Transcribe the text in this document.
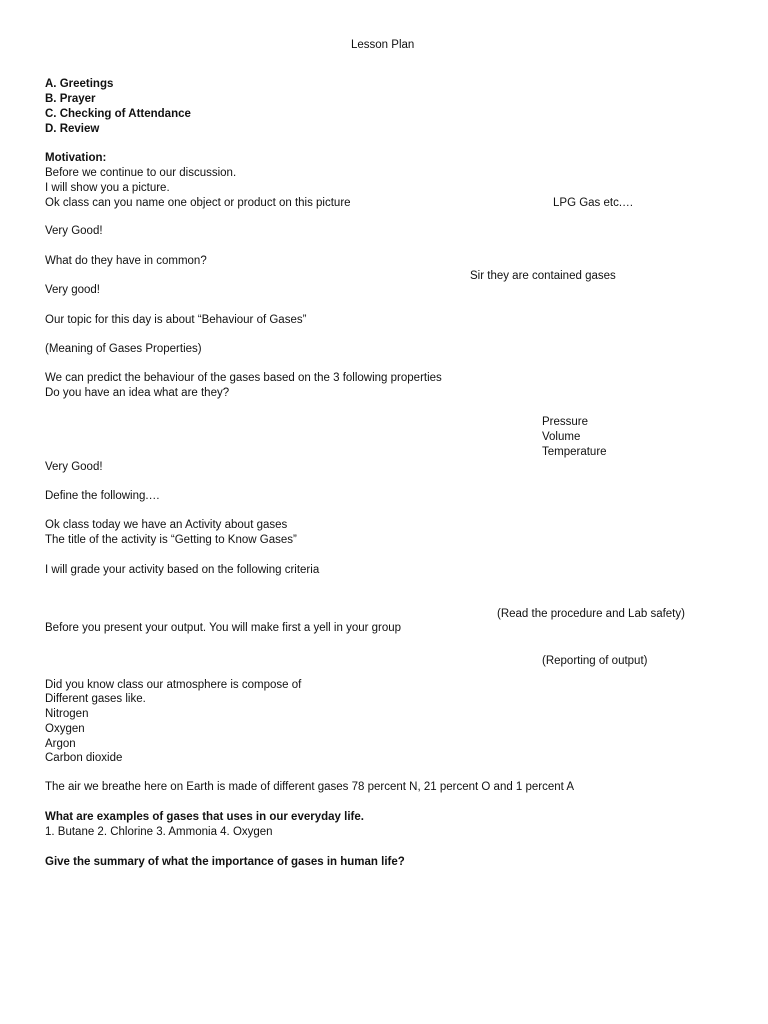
Lesson Plan
A. Greetings
B. Prayer
C. Checking of Attendance
D. Review
Motivation:
Before we continue to our discussion.
I will show you a picture.
Ok class can you name one object or product on this picture	LPG Gas etc.…
Very Good!
What do they have in common?
Sir they are contained gases
Very good!
Our topic for this day is about “Behaviour of Gases”
(Meaning of Gases Properties)
We can predict the behaviour of the gases based on the 3 following properties
Do you have an idea what are they?
Pressure
Volume
Temperature
Very Good!
Define the following.…
Ok class today we have an Activity about gases
The title of the activity is “Getting to Know Gases”
I will grade your activity based on the following criteria
(Read the procedure and Lab safety)
Before you present your output. You will make first a yell in your group
(Reporting of output)
Did you know class our atmosphere is compose of
Different gases like.
Nitrogen
Oxygen
Argon
Carbon dioxide
The air we breathe here on Earth is made of different gases 78 percent N, 21 percent O and 1 percent A
What are examples of gases that uses in our everyday life.
1. Butane 2. Chlorine 3. Ammonia 4. Oxygen
Give the summary of what the importance of gases in human life?
